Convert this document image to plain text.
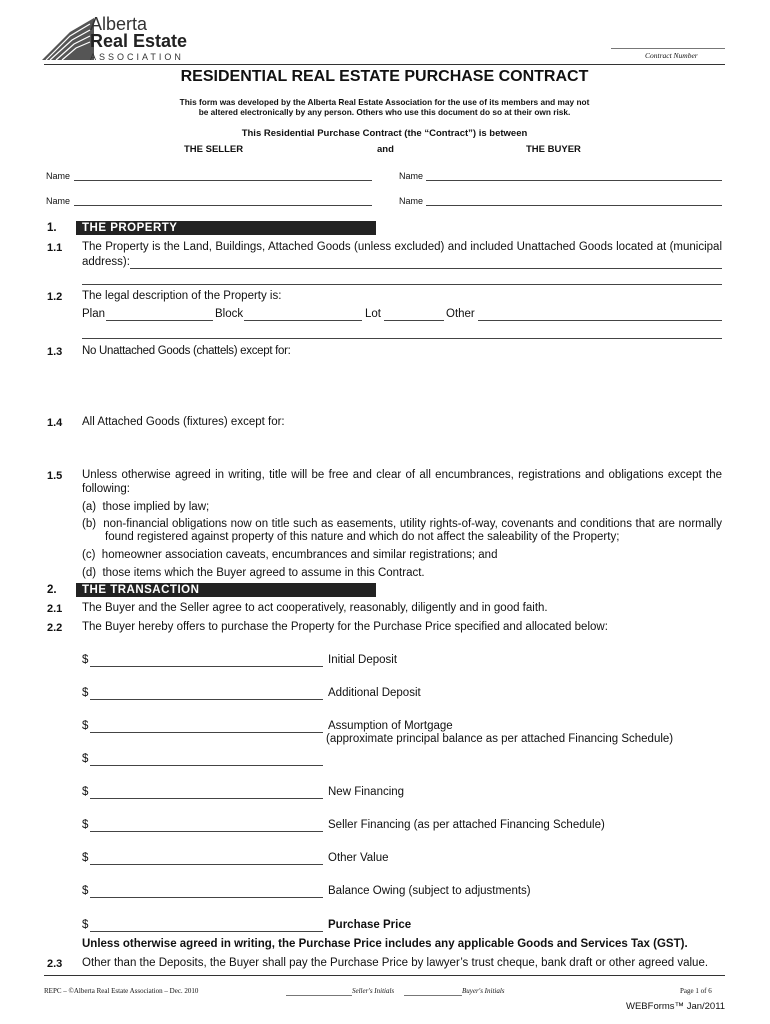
Alberta
Real Estate
ASSOCIATION	Contract Number
RESIDENTIAL REAL ESTATE PURCHASE CONTRACT
This form was developed by the Alberta Real Estate Association for the use of its members and may not
be altered electronically by any person. Others who use this document do so at their own risk.
This Residential Purchase Contract (the “Contract”) is between
THE SELLER	and	THE BUYER
Name	Name
Name	Name
1.	THE PROPERTY
1.1 The Property is the Land, Buildings, Attached Goods (unless excluded) and included Unattached Goods located at (municipal
address):
1.2 The legal description of the Property is:
Plan	Block	Lot	Other
1.3 No Unattached Goods (chattels) except for:
1.4 All Attached Goods (fixtures) except for:
1.5 Unless otherwise agreed in writing, title will be free and clear of all encumbrances, registrations and obligations except the
following:
(a)  those implied by law;
(b)  non-financial obligations now on title such as easements, utility rights-of-way, covenants and conditions that are normally
found registered against property of this nature and which do not affect the saleability of the Property;
(c)  homeowner association caveats, encumbrances and similar registrations; and
(d)  those items which the Buyer agreed to assume in this Contract.
2.	THE TRANSACTION
2.1 The Buyer and the Seller agree to act cooperatively, reasonably, diligently and in good faith.
2.2 The Buyer hereby offers to purchase the Property for the Purchase Price specified and allocated below:
$	Initial Deposit
$	Additional Deposit
$	Assumption of Mortgage
(approximate principal balance as per attached Financing Schedule)
$
$	New Financing
$	Seller Financing (as per attached Financing Schedule)
$	Other Value
$	Balance Owing (subject to adjustments)
$	Purchase Price
Unless otherwise agreed in writing, the Purchase Price includes any applicable Goods and Services Tax (GST).
2.3 Other than the Deposits, the Buyer shall pay the Purchase Price by lawyer’s trust cheque, bank draft or other agreed value.
REPC – ©Alberta Real Estate Association – Dec. 2010	Seller's Initials	Buyer's Initials	Page 1 of 6
WEBForms™ Jan/2011
